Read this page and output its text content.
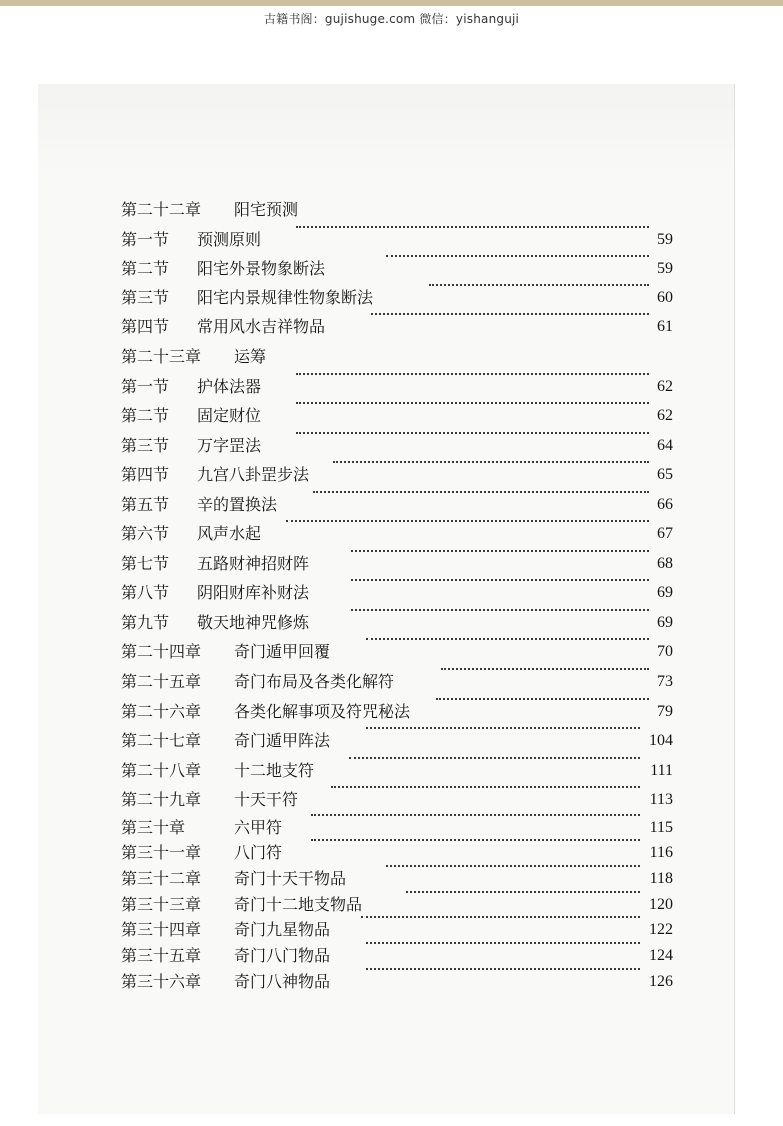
古籍书阁：gujishuge.com 微信：yishanguji
第二十二章 阳宅预测
第一节 预测原则	59
第二节 阳宅外景物象断法	59
第三节 阳宅内景规律性物象断法	60
第四节 常用风水吉祥物品	61
第二十三章 运筹
第一节 护体法器	62
第二节 固定财位	62
第三节 万字罡法	64
第四节 九宫八卦罡步法	65
第五节 辛的置换法	66
第六节 风声水起	67
第七节 五路财神招财阵	68
第八节 阴阳财库补财法	69
第九节 敬天地神咒修炼	69
第二十四章 奇门遁甲回覆	70
第二十五章 奇门布局及各类化解符	73
第二十六章 各类化解事项及符咒秘法	79
第二十七章 奇门遁甲阵法	104
第二十八章 十二地支符	111
第二十九章 十天干符	113
第三十章	六甲符	115
第三十一章 八门符	116
第三十二章 奇门十天干物品	118
第三十三章 奇门十二地支物品	120
第三十四章 奇门九星物品	122
第三十五章 奇门八门物品	124
第三十六章 奇门八神物品	126
